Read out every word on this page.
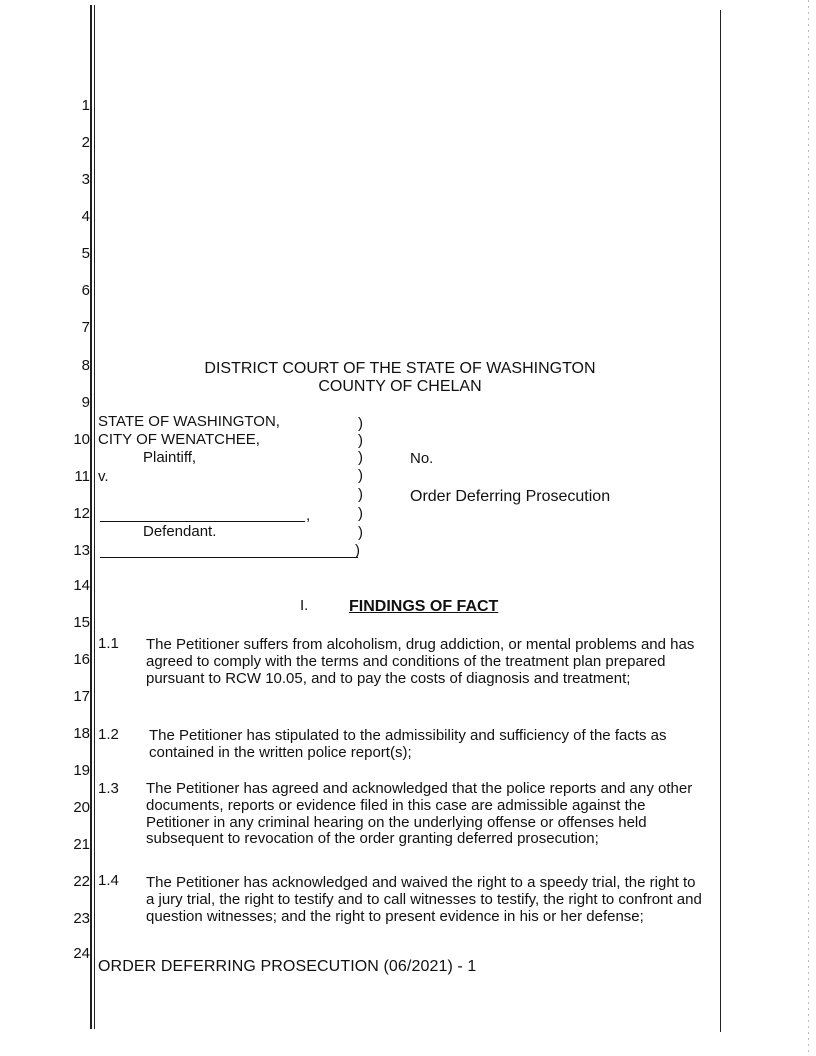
1
2
3
4
5
6
7
8
9
10
11
12
13
14
15
16
17
18
19
20
21
22
23
24
DISTRICT COURT OF THE STATE OF WASHINGTON
COUNTY OF CHELAN
STATE OF WASHINGTON,
CITY OF WENATCHEE,
Plaintiff,
v.
,
Defendant.
)
)
)
)
)
)
)
)
No.
Order Deferring Prosecution
I.	FINDINGS OF FACT
1.1 The Petitioner suffers from alcoholism, drug addiction, or mental problems and has agreed to comply with the terms and conditions of the treatment plan prepared pursuant to RCW 10.05, and to pay the costs of diagnosis and treatment;
1.2 The Petitioner has stipulated to the admissibility and sufficiency of the facts as contained in the written police report(s);
1.3 The Petitioner has agreed and acknowledged that the police reports and any other documents, reports or evidence filed in this case are admissible against the Petitioner in any criminal hearing on the underlying offense or offenses held subsequent to revocation of the order granting deferred prosecution;
1.4 The Petitioner has acknowledged and waived the right to a speedy trial, the right to a jury trial, the right to testify and to call witnesses to testify, the right to confront and question witnesses; and the right to present evidence in his or her defense;
ORDER DEFERRING PROSECUTION (06/2021) - 1
